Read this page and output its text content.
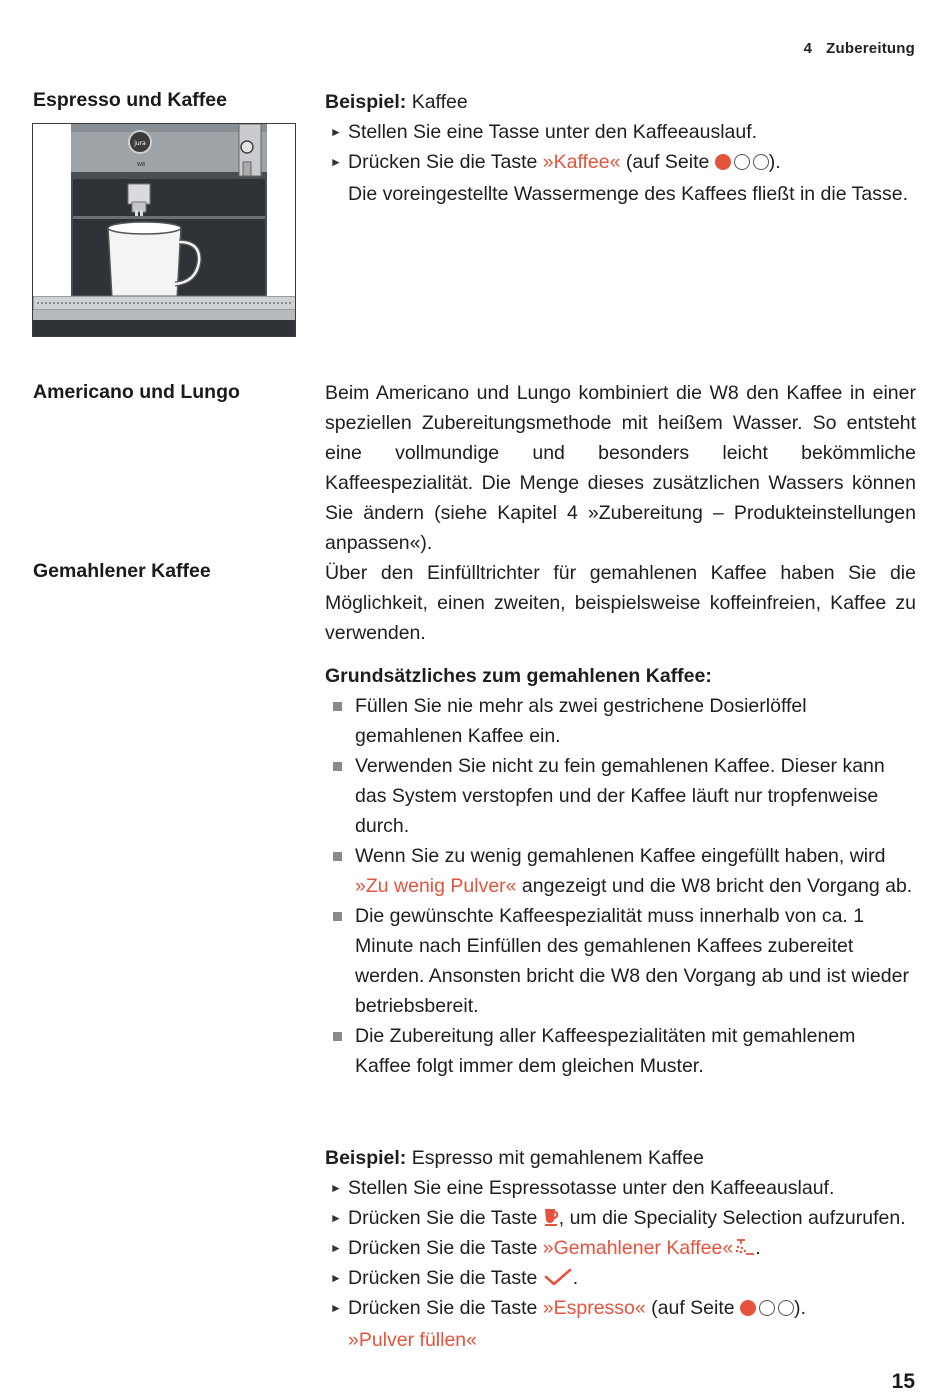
4 Zubereitung
Espresso und Kaffee
jura
W8
Beispiel: Kaffee
► Stellen Sie eine Tasse unter den Kaffeeauslauf.
► Drücken Sie die Taste »Kaffee« (auf Seite	).
Die voreingestellte Wassermenge des Kaffees fließt in die Tasse.
Americano und Lungo	Beim Americano und Lungo kombiniert die W8 den Kaffee in einer speziellen Zubereitungsmethode mit heißem Wasser. So entsteht eine vollmundige und besonders leicht bekömmliche Kaffeespezialität. Die Menge dieses zusätzlichen Wassers können Sie ändern (siehe Kapitel 4 »Zubereitung – Produkteinstellungen anpassen«).
Gemahlener Kaffee	Über den Einfülltrichter für gemahlenen Kaffee haben Sie die Möglichkeit, einen zweiten, beispielsweise koffeinfreien, Kaffee zu verwenden.
Grundsätzliches zum gemahlenen Kaffee:
Füllen Sie nie mehr als zwei gestrichene Dosierlöffel gemahlenen Kaffee ein.
Verwenden Sie nicht zu fein gemahlenen Kaffee. Dieser kann das System verstopfen und der Kaffee läuft nur tropfenweise durch.
Wenn Sie zu wenig gemahlenen Kaffee eingefüllt haben, wird »Zu wenig Pulver« angezeigt und die W8 bricht den Vorgang ab.
Die gewünschte Kaffeespezialität muss innerhalb von ca. 1 Minute nach Einfüllen des gemahlenen Kaffees zubereitet werden. Ansonsten bricht die W8 den Vorgang ab und ist wieder betriebsbereit.
Die Zubereitung aller Kaffeespezialitäten mit gemahlenem Kaffee folgt immer dem gleichen Muster.
Beispiel: Espresso mit gemahlenem Kaffee
► Stellen Sie eine Espressotasse unter den Kaffeeauslauf.
► Drücken Sie die Taste , um die Speciality Selection aufzurufen.
► Drücken Sie die Taste »Gemahlener Kaffee« .
► Drücken Sie die Taste .
► Drücken Sie die Taste »Espresso« (auf Seite	).
»Pulver füllen«
15
